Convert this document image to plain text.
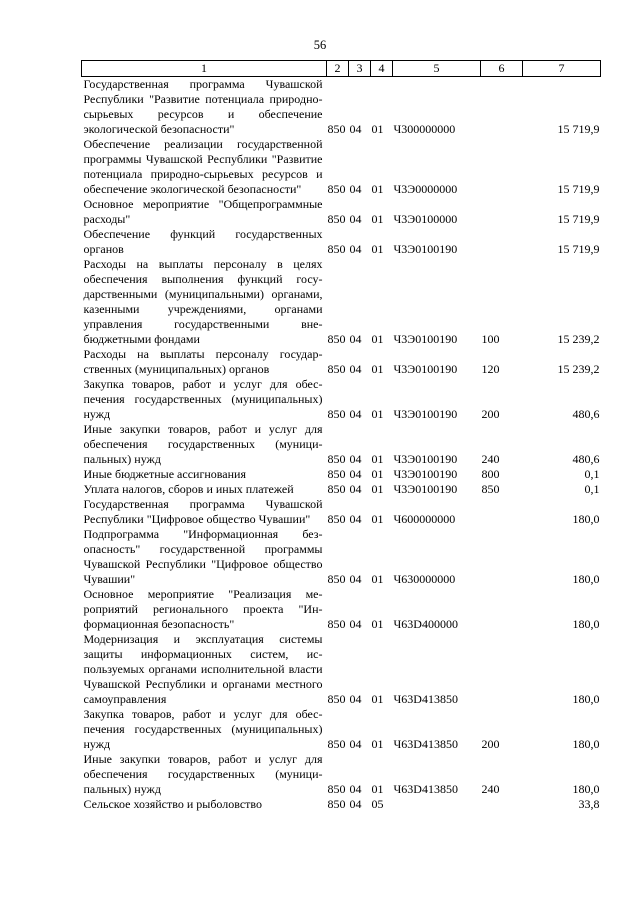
56
1	2	3	4	5	6	7
Государственная программа Чувашской Республики "Развитие потенциала природно-сырьевых ресурсов и обеспечение экологической безопасности"	850	04	01	Ч300000000		15 719,9
Обеспечение реализации государственной программы Чувашской Республики "Развитие потенциала природно-сырьевых ресурсов и обеспечение экологической безопасности"	850	04	01	Ч3Э0000000		15 719,9
Основное мероприятие "Общепрограммные расходы"	850	04	01	Ч3Э0100000		15 719,9
Обеспечение функций государственных органов	850	04	01	Ч3Э0100190		15 719,9
Расходы на выплаты персоналу в целях обеспечения выполнения функций государственными (муниципальными) органами, казенными учреждениями, органами управления государственными внебюджетными фондами	850	04	01	Ч3Э0100190	100	15 239,2
Расходы на выплаты персоналу государственных (муниципальных) органов	850	04	01	Ч3Э0100190	120	15 239,2
Закупка товаров, работ и услуг для обеспечения государственных (муниципальных) нужд	850	04	01	Ч3Э0100190	200	480,6
Иные закупки товаров, работ и услуг для обеспечения государственных (муниципальных) нужд	850	04	01	Ч3Э0100190	240	480,6
Иные бюджетные ассигнования	850	04	01	Ч3Э0100190	800	0,1
Уплата налогов, сборов и иных платежей	850	04	01	Ч3Э0100190	850	0,1
Государственная программа Чувашской Республики "Цифровое общество Чувашии"	850	04	01	Ч600000000		180,0
Подпрограмма "Информационная безопасность" государственной программы Чувашской Республики "Цифровое общество Чувашии"	850	04	01	Ч630000000		180,0
Основное мероприятие "Реализация мероприятий регионального проекта "Информационная безопасность"	850	04	01	Ч63D400000		180,0
Модернизация и эксплуатация системы защиты информационных систем, используемых органами исполнительной власти Чувашской Республики и органами местного самоуправления	850	04	01	Ч63D413850		180,0
Закупка товаров, работ и услуг для обеспечения государственных (муниципальных) нужд	850	04	01	Ч63D413850	200	180,0
Иные закупки товаров, работ и услуг для обеспечения государственных (муниципальных) нужд	850	04	01	Ч63D413850	240	180,0
Сельское хозяйство и рыболовство	850	04	05			33,8
